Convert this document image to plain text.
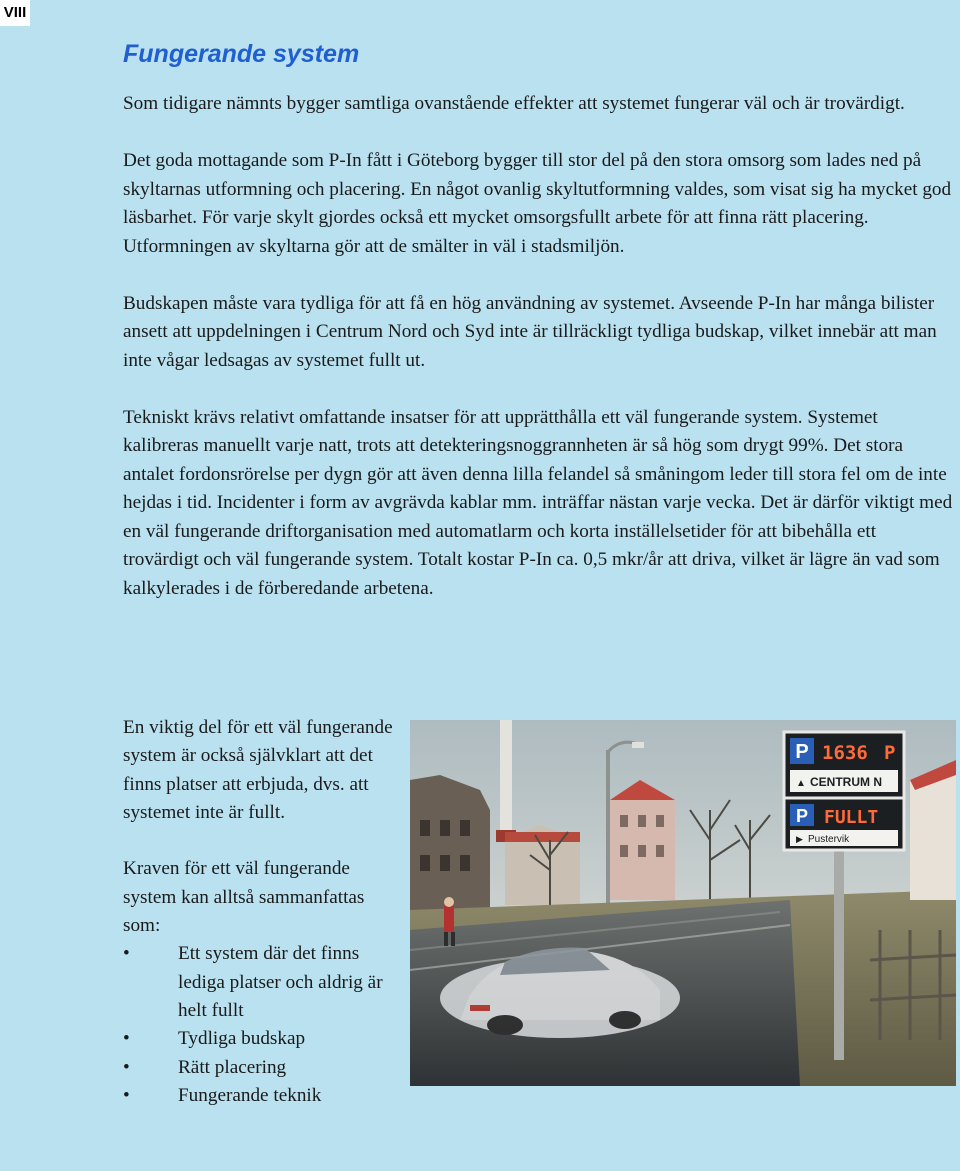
VIII
Fungerande system

Som tidigare nämnts bygger samtliga ovanstående effekter att systemet fungerar väl och är trovärdigt.

Det goda mottagande som P-In fått i Göteborg bygger till stor del på den stora omsorg som lades ned på skyltarnas utformning och placering. En något ovanlig skyltutformning valdes, som visat sig ha mycket god läsbarhet. För varje skylt gjordes också ett mycket omsorgsfullt arbete för att finna rätt placering. Utformningen av skyltarna gör att de smälter in väl i stadsmiljön.

Budskapen måste vara tydliga för att få en hög användning av systemet. Avseende P-In har många bilister ansett att uppdelningen i Centrum Nord och Syd inte är tillräckligt tydliga budskap, vilket innebär att man inte vågar ledsagas av systemet fullt ut.

Tekniskt krävs relativt omfattande insatser för att upprätthålla ett väl fungerande system. Systemet kalibreras manuellt varje natt, trots att detekteringsnoggrannheten är så hög som drygt 99%. Det stora antalet fordonsrörelse per dygn gör att även denna lilla felandel så småningom leder till stora fel om de inte hejdas i tid. Incidenter i form av avgrävda kablar mm. inträffar nästan varje vecka. Det är därför viktigt med en väl fungerande driftorganisation med automatlarm och korta inställelsetider för att bibehålla ett trovärdigt och väl fungerande system. Totalt kostar P-In ca. 0,5 mkr/år att driva, vilket är lägre än vad som kalkylerades i de förberedande arbetena.

En viktig del för ett väl fungerande system är också självklart att det finns platser att erbjuda, dvs. att systemet inte är fullt.

Kraven för ett väl fungerande system kan alltså sammanfattas som:

•	Ett system där det finns lediga platser och aldrig är helt fullt
•	Tydliga budskap
•	Rätt placering
•	Fungerande teknik
P 1636 P
▲ CENTRUM N
P FULLT
▶ Pustervik
